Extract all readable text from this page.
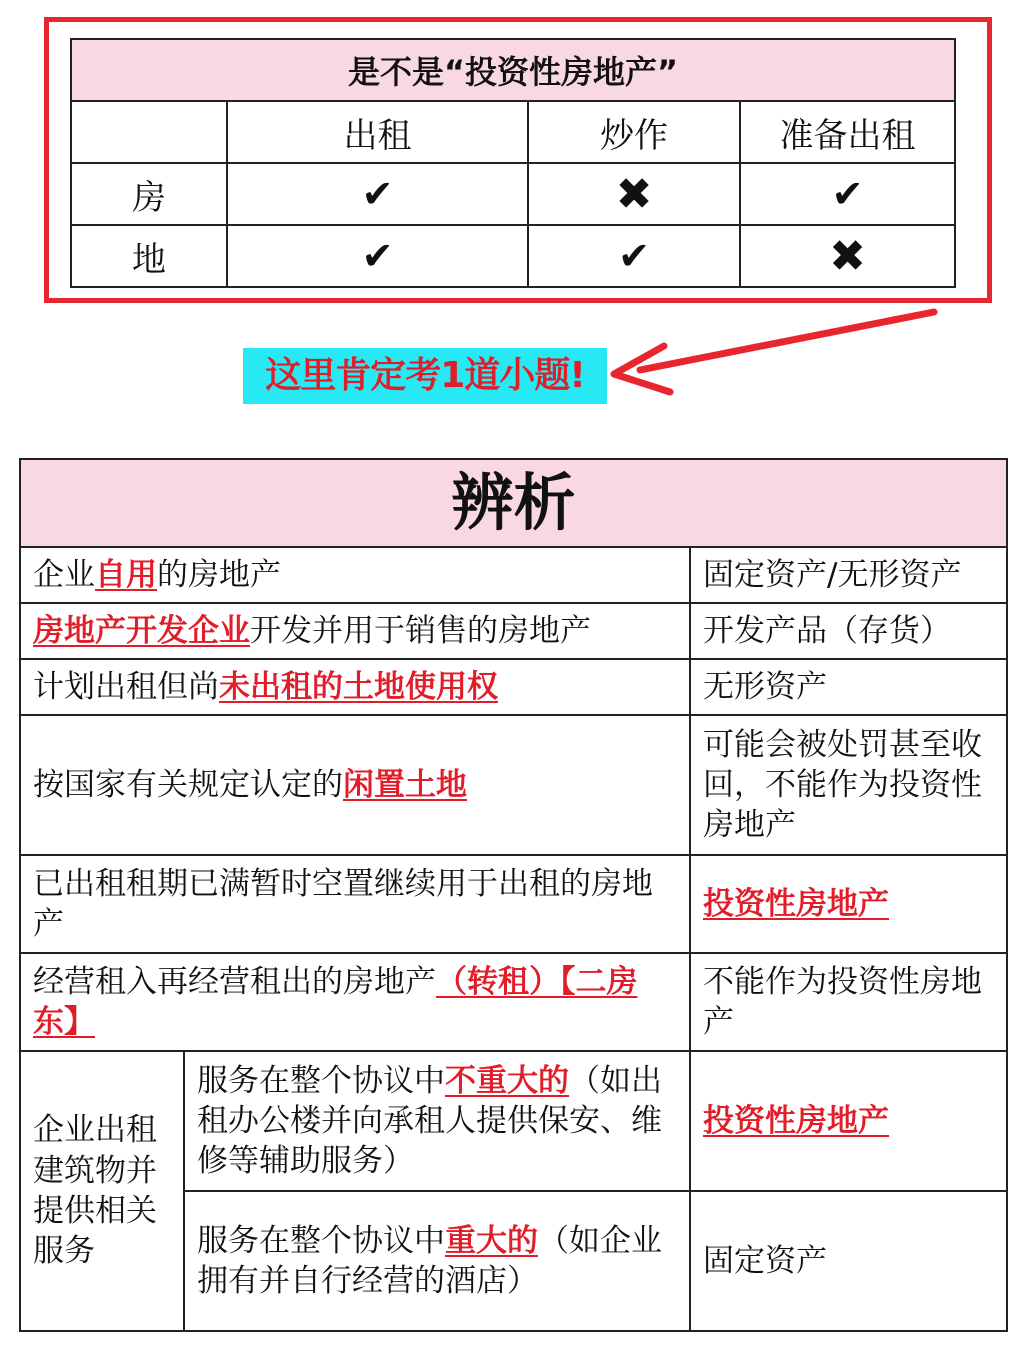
是不是“投资性房地产”			
	出租	炒作	准备出租
房	✔	✖	✔
地	✔	✔	✖
这里肯定考1道小题!
辨析		
企业自用的房地产		固定资产/无形资产
房地产开发企业开发并用于销售的房地产		开发产品（存货）
计划出租但尚未出租的土地使用权		无形资产
按国家有关规定认定的闲置土地		可能会被处罚甚至收回，不能作为投资性房地产
已出租租期已满暂时空置继续用于出租的房地产		投资性房地产
经营租入再经营租出的房地产（转租）【二房东】		不能作为投资性房地产
企业出租建筑物并提供相关服务	服务在整个协议中不重大的（如出租办公楼并向承租人提供保安、维修等辅助服务）	投资性房地产
	服务在整个协议中重大的（如企业拥有并自行经营的酒店）	固定资产
